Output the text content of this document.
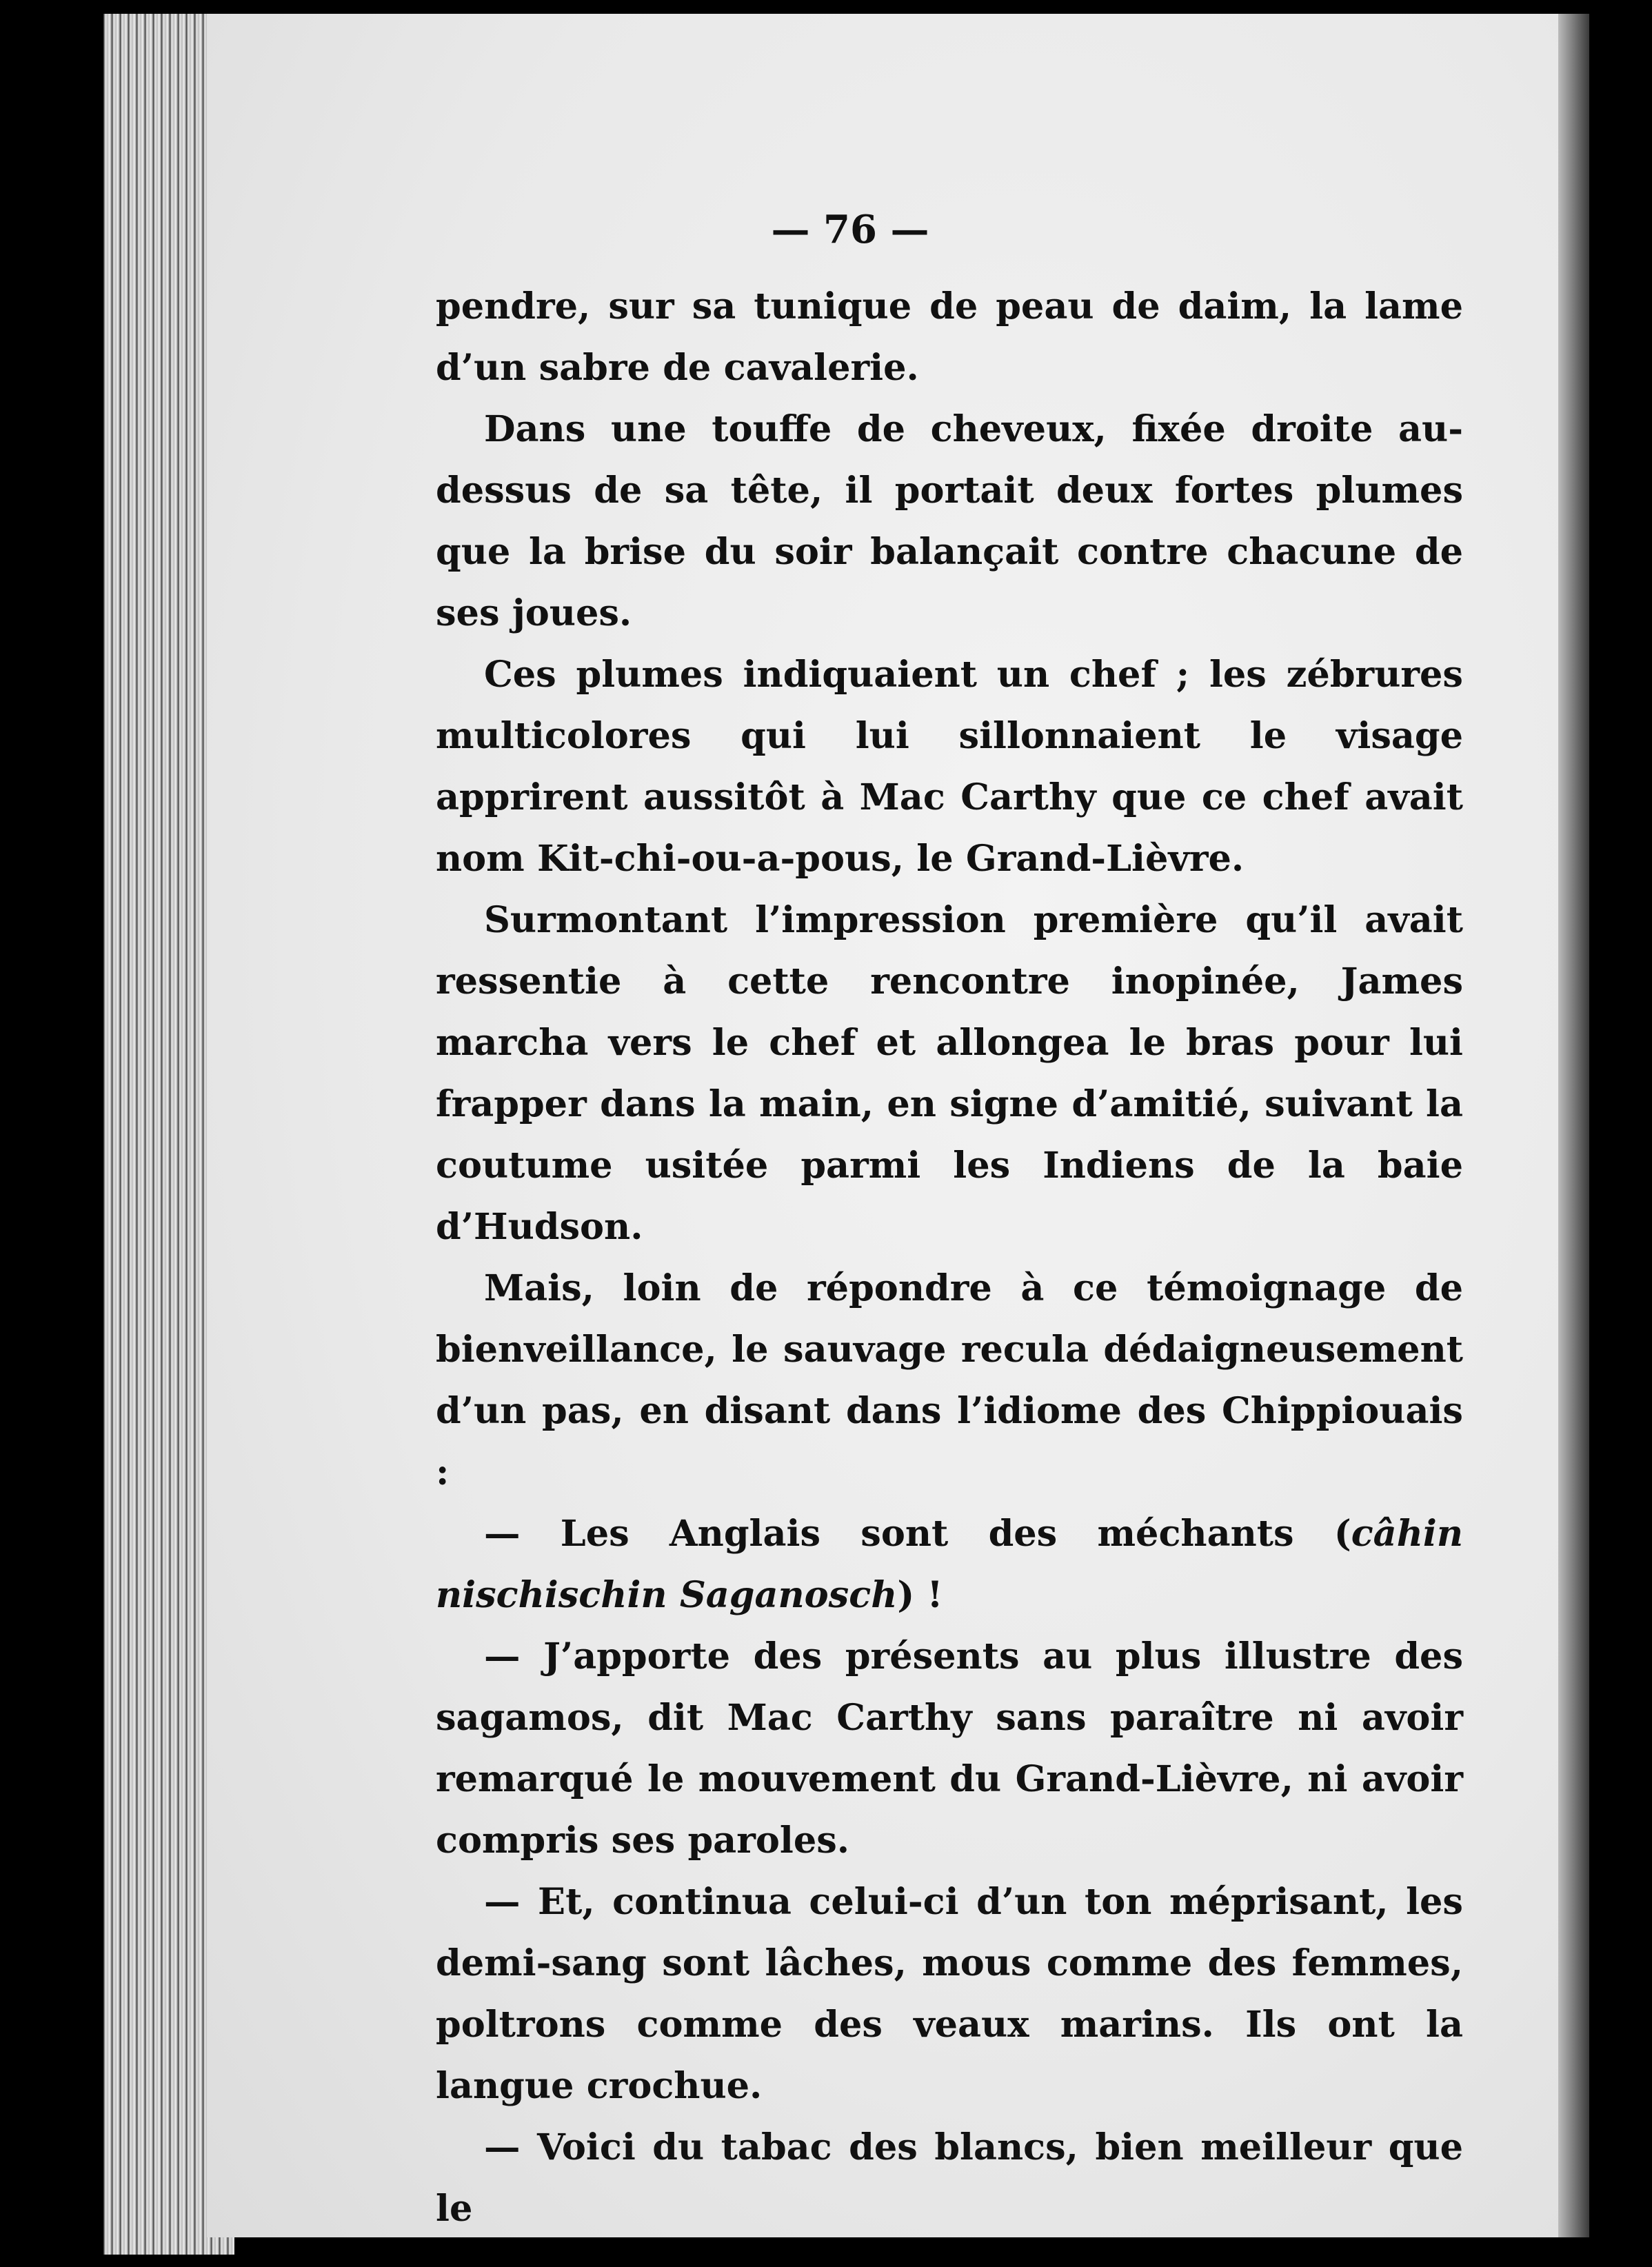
— 76 —

pendre, sur sa tunique de peau de daim, la lame d’un sabre de cavalerie.

Dans une touffe de cheveux, fixée droite au-dessus de sa tête, il portait deux fortes plumes que la brise du soir balançait contre chacune de ses joues.

Ces plumes indiquaient un chef ; les zébrures multicolores qui lui sillonnaient le visage apprirent aussitôt à Mac Carthy que ce chef avait nom Kit-chi-ou-a-pous, le Grand-Lièvre.

Surmontant l’impression première qu’il avait ressentie à cette rencontre inopinée, James marcha vers le chef et allongea le bras pour lui frapper dans la main, en signe d’amitié, suivant la coutume usitée parmi les Indiens de la baie d’Hudson.

Mais, loin de répondre à ce témoignage de bienveillance, le sauvage recula dédaigneusement d’un pas, en disant dans l’idiome des Chippiouais :

— Les Anglais sont des méchants (câhin nischischin Saganosch) !

— J’apporte des présents au plus illustre des sagamos, dit Mac Carthy sans paraître ni avoir remarqué le mouvement du Grand-Lièvre, ni avoir compris ses paroles.

— Et, continua celui-ci d’un ton méprisant, les demi-sang sont lâches, mous comme des femmes, poltrons comme des veaux marins. Ils ont la langue crochue.

— Voici du tabac des blancs, bien meilleur que le
